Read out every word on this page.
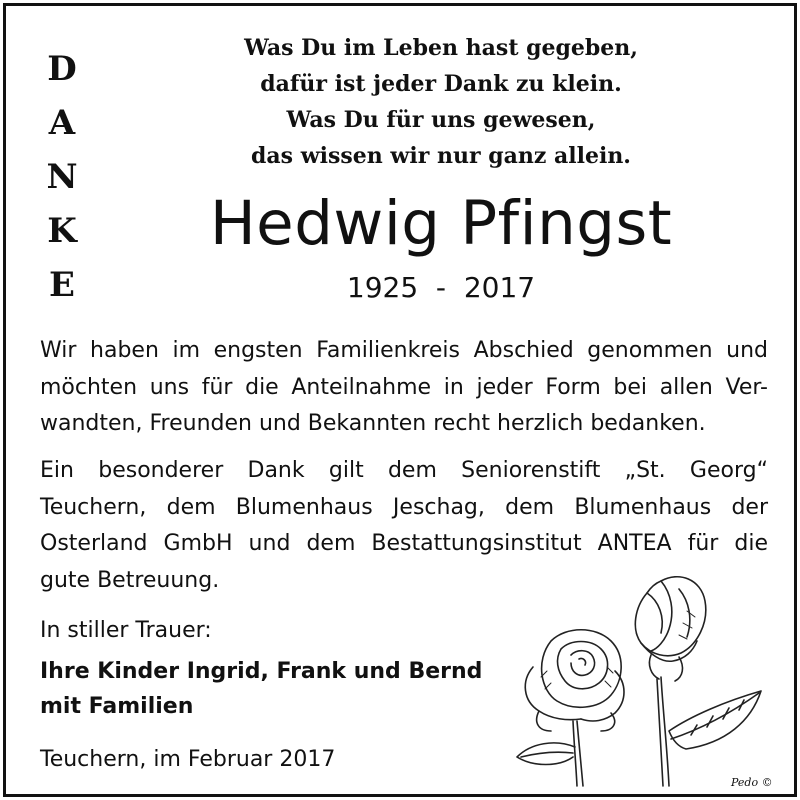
D
A
N
K
E
Was Du im Leben hast gegeben,
dafür ist jeder Dank zu klein.
Was Du für uns gewesen,
das wissen wir nur ganz allein.
Hedwig Pfingst
1925  -  2017
Wir haben im engsten Familienkreis Abschied genommen und
möchten uns für die Anteilnahme in jeder Form bei allen Ver-
wandten, Freunden und Bekannten recht herzlich bedanken.
Ein besonderer Dank gilt dem Seniorenstift „St. Georg“
Teuchern, dem Blumenhaus Jeschag, dem Blumenhaus der
Osterland GmbH und dem Bestattungsinstitut ANTEA für die
gute Betreuung.
In stiller Trauer:
Ihre Kinder Ingrid, Frank und Bernd
mit Familien
Teuchern, im Februar 2017
Pedo ©
